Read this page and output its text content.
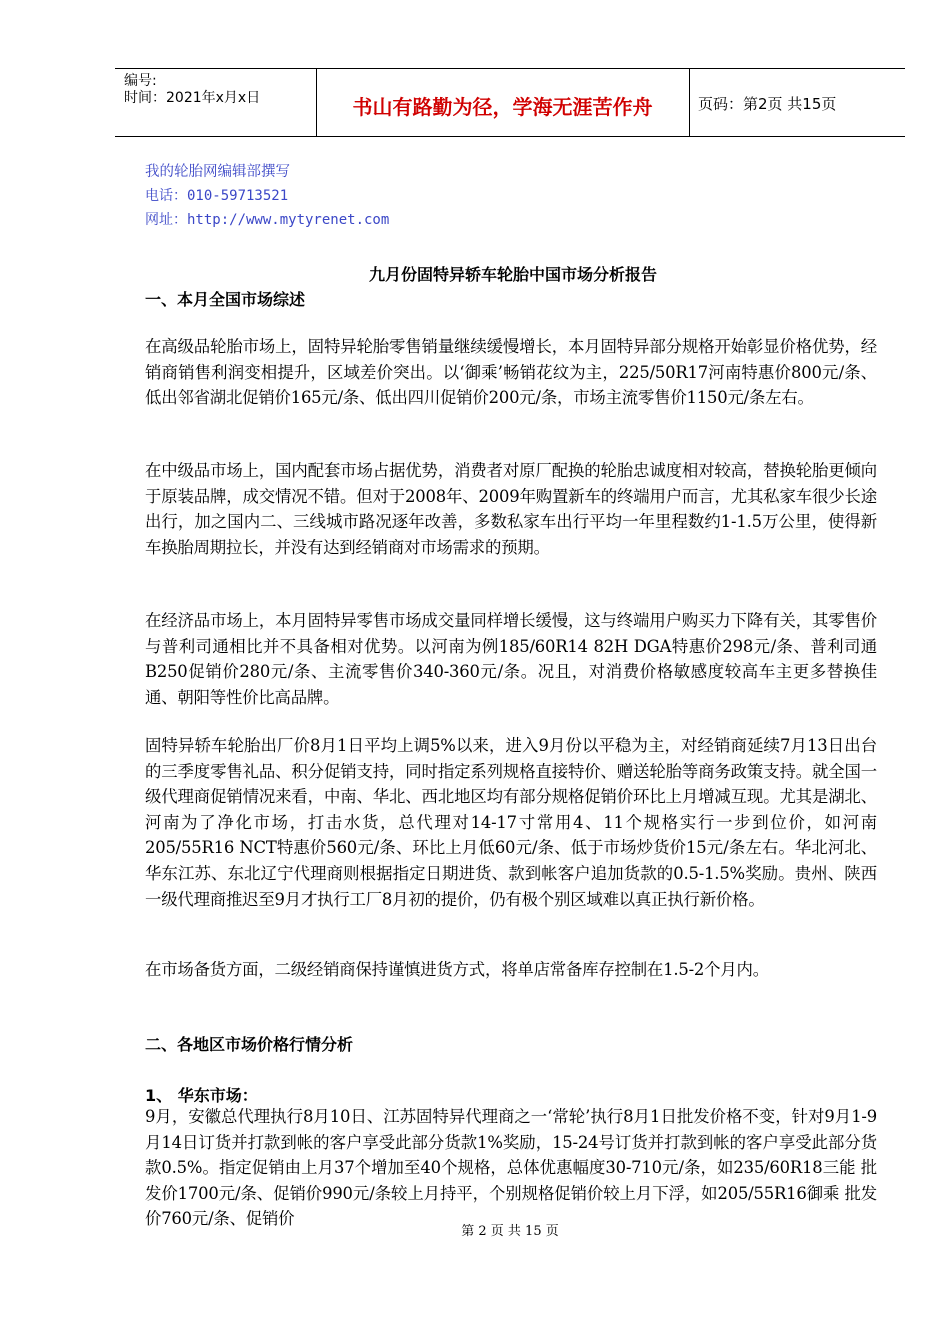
编号:
时间：2021年x月x日	书山有路勤为径，学海无涯苦作舟	页码：第2页 共15页
我的轮胎网编辑部撰写
电话：010-59713521
网址：http://www.mytyrenet.com
九月份固特异轿车轮胎中国市场分析报告
一、本月全国市场综述
在高级品轮胎市场上，固特异轮胎零售销量继续缓慢增长，本月固特异部分规格开始彰显价格优势，经销商销售利润变相提升，区域差价突出。以‘御乘’畅销花纹为主，225/50R17河南特惠价800元/条、低出邻省湖北促销价165元/条、低出四川促销价200元/条，市场主流零售价1150元/条左右。
在中级品市场上，国内配套市场占据优势，消费者对原厂配换的轮胎忠诚度相对较高，替换轮胎更倾向于原装品牌，成交情况不错。但对于2008年、2009年购置新车的终端用户而言，尤其私家车很少长途出行，加之国内二、三线城市路况逐年改善，多数私家车出行平均一年里程数约1-1.5万公里，使得新车换胎周期拉长，并没有达到经销商对市场需求的预期。
在经济品市场上，本月固特异零售市场成交量同样增长缓慢，这与终端用户购买力下降有关，其零售价与普利司通相比并不具备相对优势。以河南为例185/60R14 82H DGA特惠价298元/条、普利司通B250促销价280元/条、主流零售价340-360元/条。况且，对消费价格敏感度较高车主更多替换佳通、朝阳等性价比高品牌。
固特异轿车轮胎出厂价8月1日平均上调5%以来，进入9月份以平稳为主，对经销商延续7月13日出台的三季度零售礼品、积分促销支持，同时指定系列规格直接特价、赠送轮胎等商务政策支持。就全国一级代理商促销情况来看，中南、华北、西北地区均有部分规格促销价环比上月增减互现。尤其是湖北、河南为了净化市场，打击水货，总代理对14-17寸常用4、11个规格实行一步到位价，如河南205/55R16 NCT特惠价560元/条、环比上月低60元/条、低于市场炒货价15元/条左右。华北河北、华东江苏、东北辽宁代理商则根据指定日期进货、款到帐客户追加货款的0.5-1.5%奖励。贵州、陕西一级代理商推迟至9月才执行工厂8月初的提价，仍有极个别区域难以真正执行新价格。
在市场备货方面，二级经销商保持谨慎进货方式，将单店常备库存控制在1.5-2个月内。
二、各地区市场价格行情分析
1、 华东市场：
9月，安徽总代理执行8月10日、江苏固特异代理商之一‘常轮’执行8月1日批发价格不变，针对9月1-9月14日订货并打款到帐的客户享受此部分货款1%奖励，15-24号订货并打款到帐的客户享受此部分货款0.5%。指定促销由上月37个增加至40个规格，总体优惠幅度30-710元/条，如235/60R18三能 批发价1700元/条、促销价990元/条较上月持平，个别规格促销价较上月下浮，如205/55R16御乘 批发价760元/条、促销价
第 2 页 共 15 页
